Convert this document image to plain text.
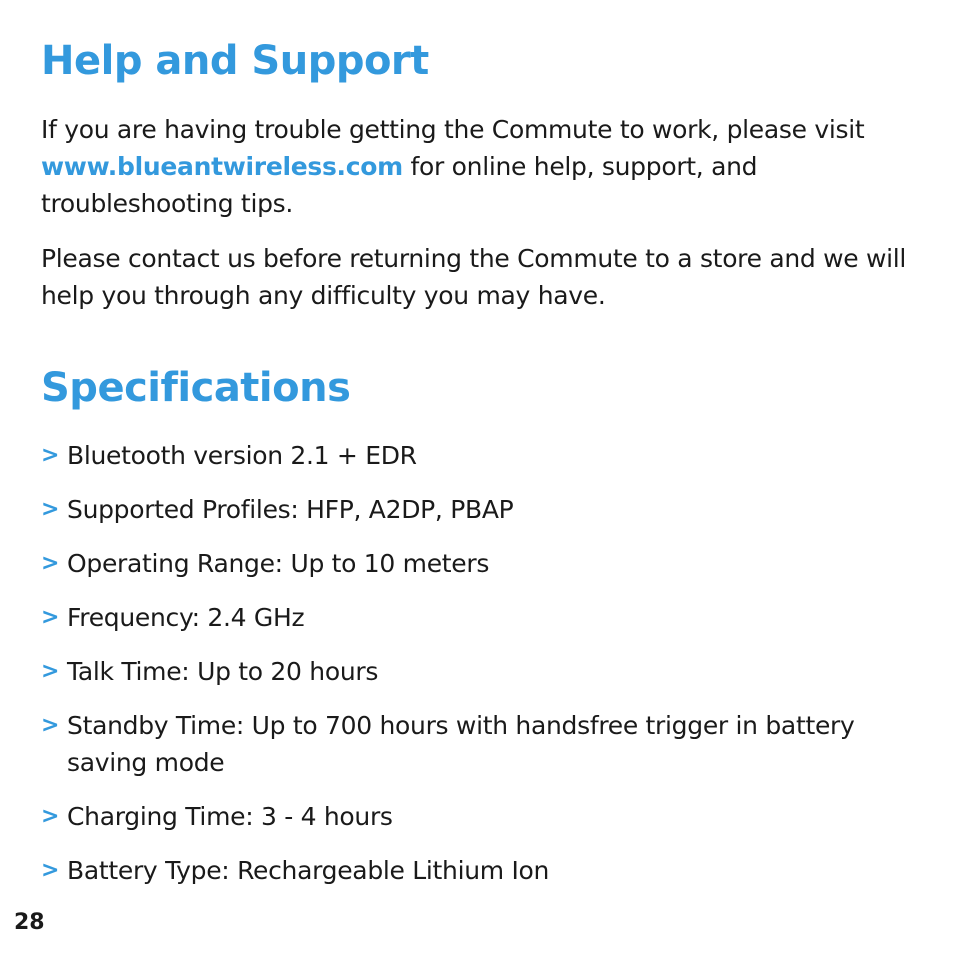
Help and Support

If you are having trouble getting the Commute to work, please visit www.blueantwireless.com for online help, support, and troubleshooting tips.

Please contact us before returning the Commute to a store and we will help you through any difficulty you may have.

Specifications
> Bluetooth version 2.1 + EDR
> Supported Profiles: HFP, A2DP, PBAP
> Operating Range: Up to 10 meters
> Frequency: 2.4 GHz
> Talk Time: Up to 20 hours
> Standby Time: Up to 700 hours with handsfree trigger in battery saving mode
> Charging Time: 3 - 4 hours
> Battery Type: Rechargeable Lithium Ion
28
